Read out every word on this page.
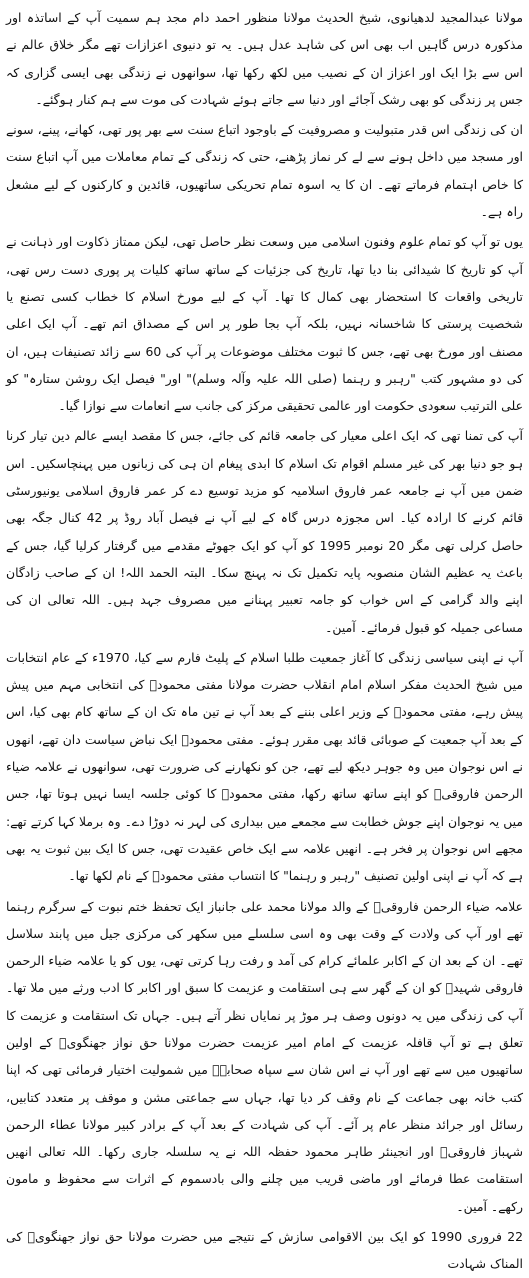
مولانا عبدالمجید لدھیانوی، شیخ الحدیث مولانا منظور احمد دام مجد ہم سمیت آپ کے اساتذہ اور مذکورہ درس گاہیں اب بھی اس کی شاہد عدل ہیں۔ یہ تو دنیوی اعزازات تھے مگر خلاق عالم نے اس سے بڑا ایک اور اعزاز ان کے نصیب میں لکھ رکھا تھا، سوانھوں نے زندگی بھی ایسی گزاری کہ جس پر زندگی کو بھی رشک آجائے اور دنیا سے جاتے ہوئے شہادت کی موت سے ہم کنار ہوگئے۔

ان کی زندگی اس قدر متبولیت و مصروفیت کے باوجود اتباع سنت سے بھر پور تھی، کھانے، پینے، سونے اور مسجد میں داخل ہونے سے لے کر نماز پڑھنے، حتی کہ زندگی کے تمام معاملات میں آپ اتباع سنت کا خاص اہتمام فرماتے تھے۔ ان کا یہ اسوہ تمام تحریکی ساتھیوں، قائدین و کارکنوں کے لیے مشعل راہ ہے۔

یوں تو آپ کو تمام علوم وفنون اسلامی میں وسعت نظر حاصل تھی، لیکن ممتاز ذکاوت اور ذہانت نے آپ کو تاریخ کا شیدائی بنا دیا تھا، تاریخ کی جزئیات کے ساتھ ساتھ کلیات پر پوری دست رس تھی، تاریخی واقعات کا استحضار بھی کمال کا تھا۔ آپ کے لیے مورخ اسلام کا خطاب کسی تصنع یا شخصیت پرستی کا شاخسانہ نہیں، بلکہ آپ بجا طور پر اس کے مصداق اتم تھے۔ آپ ایک اعلی مصنف اور مورخ بھی تھے، جس کا ثبوت مختلف موضوعات پر آپ کی 60 سے زائد تصنیفات ہیں، ان کی دو مشہور کتب "رہبر و رہنما (صلی اللہ علیہ وآلہ وسلم)" اور" فیصل ایک روشن ستارہ" کو علی الترتیب سعودی حکومت اور عالمی تحقیقی مرکز کی جانب سے انعامات سے نوازا گیا۔

آپ کی تمنا تھی کہ ایک اعلی معیار کی جامعہ قائم کی جائے، جس کا مقصد ایسے عالم دین تیار کرنا ہو جو دنیا بھر کی غیر مسلم اقوام تک اسلام کا ابدی پیغام ان ہی کی زبانوں میں پہنچاسکیں۔ اس ضمن میں آپ نے جامعہ عمر فاروق اسلامیہ کو مزید توسیع دے کر عمر فاروق اسلامی یونیورسٹی قائم کرنے کا ارادہ کیا۔ اس مجوزہ درس گاہ کے لیے آپ نے فیصل آباد روڈ پر 42 کنال جگہ بھی حاصل کرلی تھی مگر 20 نومبر 1995 کو آپ کو ایک جھوٹے مقدمے میں گرفتار کرلیا گیا، جس کے باعث یہ عظیم الشان منصوبہ پایہ تکمیل تک نہ پہنچ سکا۔ البتہ الحمد اللہ! ان کے صاحب زادگان اپنے والد گرامی کے اس خواب کو جامہ تعبیر پہنانے میں مصروف جہد ہیں۔ اللہ تعالی ان کی مساعی جمیلہ کو قبول فرمائے۔ آمین۔

آپ نے اپنی سیاسی زندگی کا آغاز جمعیت طلبا اسلام کے پلیٹ فارم سے کیا، 1970ء کے عام انتخابات میں شیخ الحدیث مفکر اسلام امام انقلاب حضرت مولانا مفتی محمودؒ کی انتخابی مہم میں پیش پیش رہے، مفتی محمودؒ کے وزیر اعلی بننے کے بعد آپ نے تین ماہ تک ان کے ساتھ کام بھی کیا، اس کے بعد آپ جمعیت کے صوبائی قائد بھی مقرر ہوئے۔ مفتی محمودؒ ایک نباض سیاست دان تھے، انھوں نے اس نوجوان میں وہ جوہر دیکھ لیے تھے، جن کو نکھارنے کی ضرورت تھی، سوانھوں نے علامہ ضیاء الرحمن فاروقیؒ کو اپنے ساتھ ساتھ رکھا، مفتی محمودؒ کا کوئی جلسہ ایسا نہیں ہوتا تھا، جس میں یہ نوجوان اپنے جوش خطابت سے مجمعے میں بیداری کی لہر نہ دوڑا دے۔ وہ برملا کہا کرتے تھے: مجھے اس نوجوان پر فخر ہے۔ انھیں علامہ سے ایک خاص عقیدت تھی، جس کا ایک بین ثبوت یہ بھی ہے کہ آپ نے اپنی اولین تصنیف "رہبر و رہنما" کا انتساب مفتی محمودؒ کے نام لکھا تھا۔

علامہ ضیاء الرحمن فاروقیؒ کے والد مولانا محمد علی جانباز ایک تحفظ ختم نبوت کے سرگرم رہنما تھے اور آپ کی ولادت کے وقت بھی وہ اسی سلسلے میں سکھر کی مرکزی جیل میں پابند سلاسل تھے۔ ان کے بعد ان کے اکابر علمائے کرام کی آمد و رفت رہا کرتی تھی، یوں کو یا علامہ ضیاء الرحمن فاروقی شہیدؒ کو ان کے گھر سے ہی استقامت و عزیمت کا سبق اور اکابر کا ادب ورثے میں ملا تھا۔ آپ کی زندگی میں یہ دونوں وصف ہر موڑ پر نمایاں نظر آتے ہیں۔ جہاں تک استقامت و عزیمت کا تعلق ہے تو آپ قافلہ عزیمت کے امام امیر عزیمت حضرت مولانا حق نواز جھنگویؒ کے اولین ساتھیوں میں سے تھے اور آپ نے اس شان سے سپاہ صحابہؓ میں شمولیت اختیار فرمائی تھی کہ اپنا کتب خانہ بھی جماعت کے نام وقف کر دیا تھا، جہاں سے جماعتی مشن و موقف پر متعدد کتابیں، رسائل اور جرائد منظر عام پر آئے۔ آپ کی شہادت کے بعد آپ کے برادر کبیر مولانا عطاء الرحمن شہباز فاروقیؒ اور انجینئر طاہر محمود حفظہ اللہ نے یہ سلسلہ جاری رکھا۔ اللہ تعالی انھیں استقامت عطا فرمائے اور ماضی قریب میں چلنے والی بادسموم کے اثرات سے محفوظ و مامون رکھے۔ آمین۔

22 فروری 1990 کو ایک بین الاقوامی سازش کے نتیجے میں حضرت مولانا حق نواز جھنگویؒ کی المناک شہادت
